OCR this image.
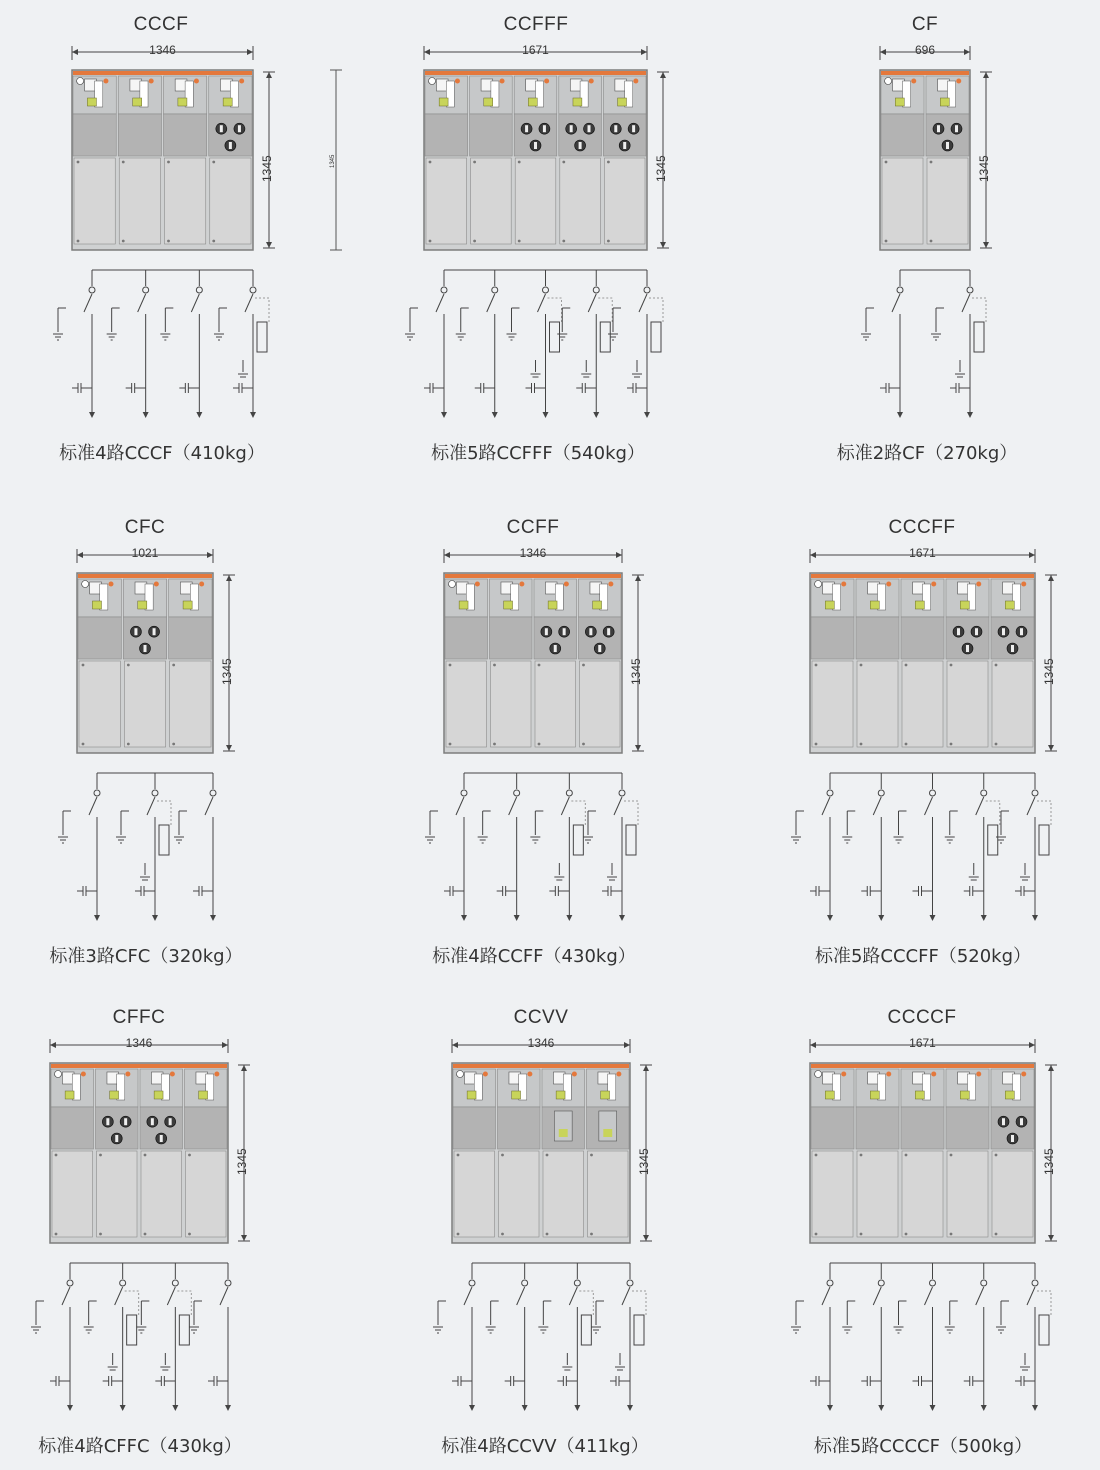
1345
CCCF
1346
1345
标准4路CCCF（410kg）
CCFFF
1671
1345
标准5路CCFFF（540kg）
CF
696
1345
标准2路CF（270kg）
CFC
1021
1345
标准3路CFC（320kg）
CCFF
1346
1345
标准4路CCFF（430kg）
CCCFF
1671
1345
标准5路CCCFF（520kg）
CFFC
1346
1345
标准4路CFFC（430kg）
CCVV
1346
1345
标准4路CCVV（411kg）
CCCCF
1671
1345
标准5路CCCCF（500kg）
